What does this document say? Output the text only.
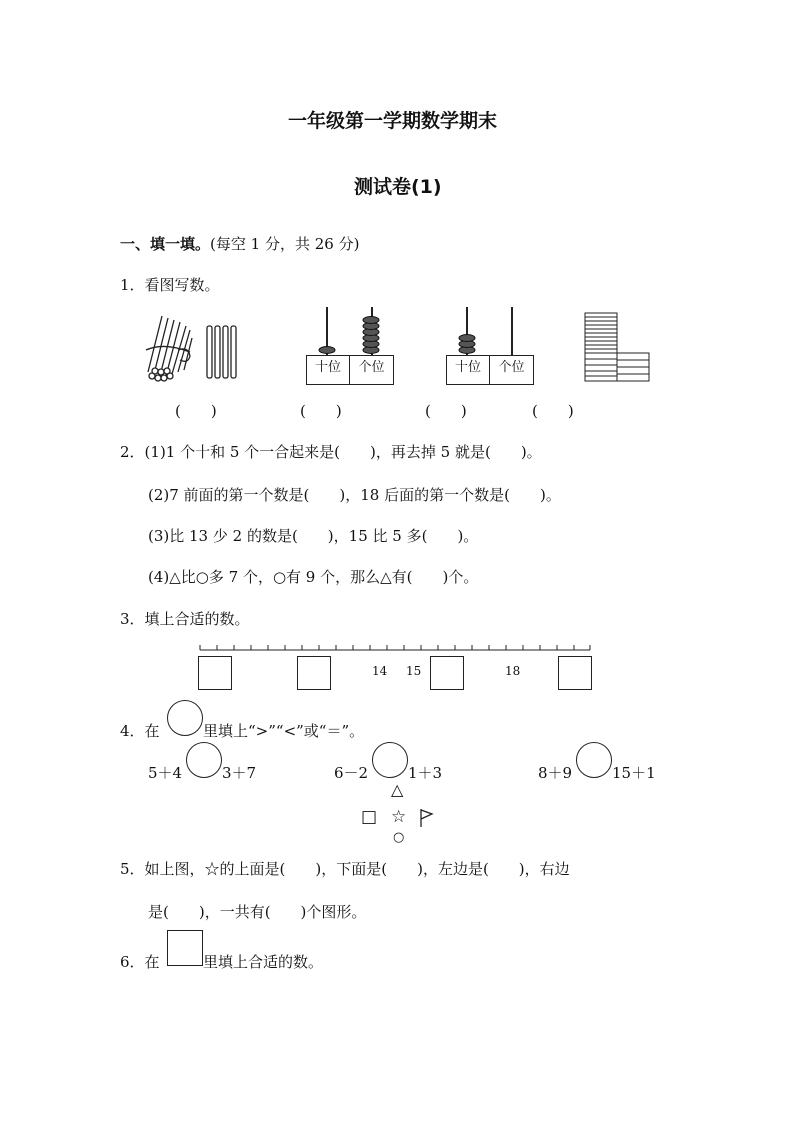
一年级第一学期数学期末
测试卷(1)
一、填一填。(每空 1 分，共 26 分)
1．看图写数。
十位	个位	十位	个位
(　　)	(　　)	(　　)	(　　)
2．(1)1 个十和 5 个一合起来是(　　)，再去掉 5 就是(　　)。
(2)7 前面的第一个数是(　　)，18 后面的第一个数是(　　)。
(3)比 13 少 2 的数是(　　)，15 比 5 多(　　)。
(4)△比○多 7 个，○有 9 个，那么△有(　　)个。
3．填上合适的数。
14 15	18
4．在	里填上“>”“<”或“＝”。
5＋4	3＋7	6－2	1＋3	8＋9	15＋1
△
□ ☆
○
5．如上图，☆的上面是(　　)，下面是(　　)，左边是(　　)，右边
是(　　)，一共有(　　)个图形。
6．在	里填上合适的数。
